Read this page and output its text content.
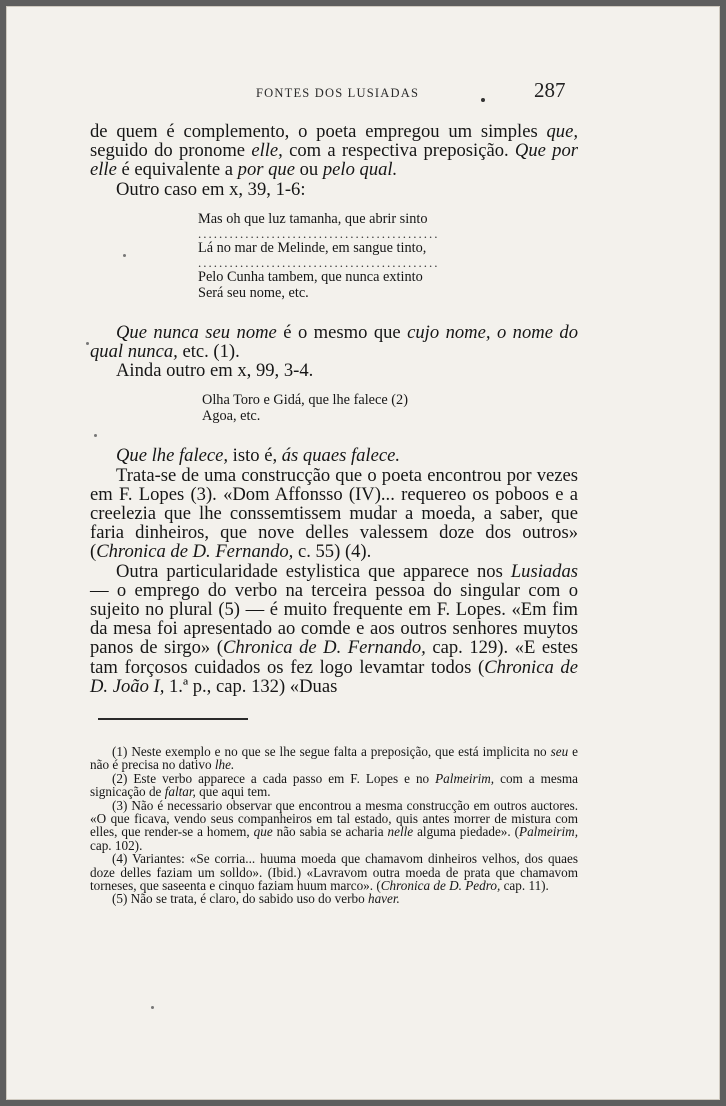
FONTES DOS LUSIADAS	287

de quem é complemento, o poeta empregou um simples que, seguido do pronome elle, com a respectiva preposição. Que por elle é equivalente a por que ou pelo qual.

Outro caso em x, 39, 1-6:

Mas oh que luz tamanha, que abrir sinto
..............................................
Lá no mar de Melinde, em sangue tinto,
..............................................
Pelo Cunha tambem, que nunca extinto
Será seu nome, etc.

Que nunca seu nome é o mesmo que cujo nome, o nome do qual nunca, etc. (1).

Ainda outro em x, 99, 3-4.

Olha Toro e Gidá, que lhe falece (2)
Agoa, etc.

Que lhe falece, isto é, ás quaes falece.

Trata-se de uma construcção que o poeta encontrou por vezes em F. Lopes (3). «Dom Affonsso (IV)... requereo os poboos e a creelezia que lhe conssemtissem mudar a moeda, a saber, que faria dinheiros, que nove delles valessem doze dos outros» (Chronica de D. Fernando, c. 55) (4).

Outra particularidade estylistica que apparece nos Lusiadas — o emprego do verbo na terceira pessoa do singular com o sujeito no plural (5) — é muito frequente em F. Lopes. «Em fim da mesa foi apresentado ao comde e aos outros senhores muytos panos de sirgo» (Chronica de D. Fernando, cap. 129). «E estes tam forçosos cuidados os fez logo levamtar todos (Chronica de D. João I, 1.ª p., cap. 132) «Duas

(1) Neste exemplo e no que se lhe segue falta a preposição, que está implicita no seu e não é precisa no dativo lhe.

(2) Este verbo apparece a cada passo em F. Lopes e no Palmeirim, com a mesma signicação de faltar, que aqui tem.

(3) Não é necessario observar que encontrou a mesma construcção em outros auctores. «O que ficava, vendo seus companheiros em tal estado, quis antes morrer de mistura com elles, que render-se a homem, que não sabia se acharia nelle alguma piedade». (Palmeirim, cap. 102).

(4) Variantes: «Se corria... huuma moeda que chamavom dinheiros velhos, dos quaes doze delles faziam um solldo». (Ibid.) «Lavravom outra moeda de prata que chamavom torneses, que saseenta e cinquo faziam huum marco». (Chronica de D. Pedro, cap. 11).

(5) Não se trata, é claro, do sabido uso do verbo haver.
